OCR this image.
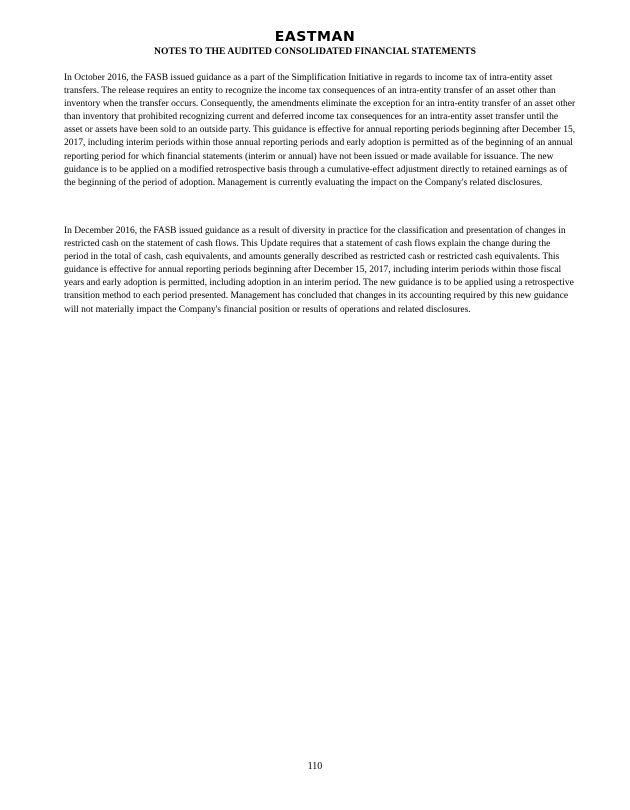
EASTMAN
NOTES TO THE AUDITED CONSOLIDATED FINANCIAL STATEMENTS

In October 2016, the FASB issued guidance as a part of the Simplification Initiative in regards to income tax of intra-entity asset transfers. The release requires an entity to recognize the income tax consequences of an intra-entity transfer of an asset other than inventory when the transfer occurs. Consequently, the amendments eliminate the exception for an intra-entity transfer of an asset other than inventory that prohibited recognizing current and deferred income tax consequences for an intra-entity asset transfer until the asset or assets have been sold to an outside party. This guidance is effective for annual reporting periods beginning after December 15, 2017, including interim periods within those annual reporting periods and early adoption is permitted as of the beginning of an annual reporting period for which financial statements (interim or annual) have not been issued or made available for issuance. The new guidance is to be applied on a modified retrospective basis through a cumulative-effect adjustment directly to retained earnings as of the beginning of the period of adoption. Management is currently evaluating the impact on the Company's related disclosures.

In December 2016, the FASB issued guidance as a result of diversity in practice for the classification and presentation of changes in restricted cash on the statement of cash flows. This Update requires that a statement of cash flows explain the change during the period in the total of cash, cash equivalents, and amounts generally described as restricted cash or restricted cash equivalents. This guidance is effective for annual reporting periods beginning after December 15, 2017, including interim periods within those fiscal years and early adoption is permitted, including adoption in an interim period. The new guidance is to be applied using a retrospective transition method to each period presented. Management has concluded that changes in its accounting required by this new guidance will not materially impact the Company's financial position or results of operations and related disclosures.

110
